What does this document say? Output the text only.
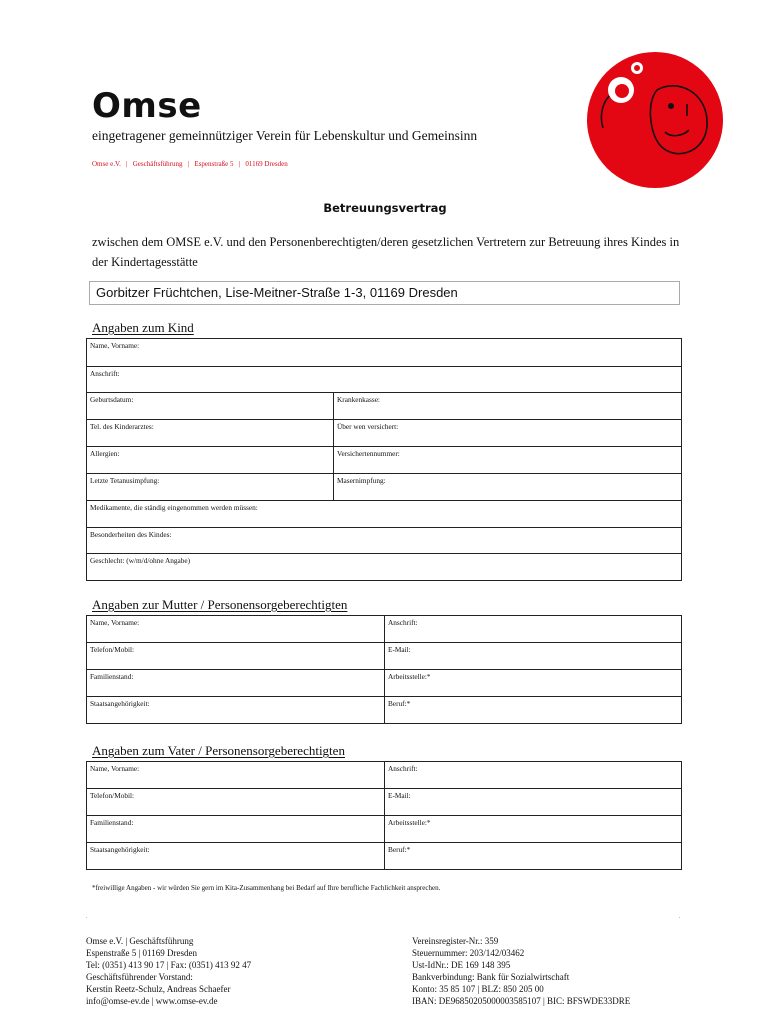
Omse
eingetragener gemeinnütziger Verein für Lebenskultur und Gemeinsinn
Omse e.V. | Geschäftsführung | Espenstraße 5 | 01169 Dresden
Betreuungsvertrag
zwischen dem OMSE e.V. und den Personenberechtigten/deren gesetzlichen Vertretern zur Betreuung ihres Kindes in der Kindertagesstätte
Gorbitzer Früchtchen, Lise-Meitner-Straße 1-3, 01169 Dresden
Angaben zum Kind
Name, Vorname:	

Anschrift:	

Geburtsdatum:	Krankenkasse:

Tel. des Kinderarztes:	Über wen versichert:

Allergien:	Versichertennummer:

Letzte Tetanusimpfung:	Masernimpfung:

Medikamente, die ständig eingenommen werden müssen:	

Besonderheiten des Kindes:	

Geschlecht: (w/m/d/ohne Angabe)	
Angaben zur Mutter / Personensorgeberechtigten
Name, Vorname:	Anschrift:

Telefon/Mobil:	E-Mail:

Familienstand:	Arbeitsstelle:*

Staatsangehörigkeit:	Beruf:*
Angaben zum Vater / Personensorgeberechtigten
Name, Vorname:	Anschrift:

Telefon/Mobil:	E-Mail:

Familienstand:	Arbeitsstelle:*

Staatsangehörigkeit:	Beruf:*
*freiwillige Angaben - wir würden Sie gern im Kita-Zusammenhang bei Bedarf auf Ihre berufliche Fachlichkeit ansprechen.
.	.
Omse e.V. | Geschäftsführung
Espenstraße 5 | 01169 Dresden
Tel: (0351) 413 90 17 | Fax: (0351) 413 92 47
Geschäftsführender Vorstand:
Kerstin Reetz-Schulz, Andreas Schaefer
info@omse-ev.de | www.omse-ev.de
Vereinsregister-Nr.: 359
Steuernummer: 203/142/03462
Ust-IdNr.: DE 169 148 395
Bankverbindung: Bank für Sozialwirtschaft
Konto: 35 85 107 | BLZ: 850 205 00
IBAN: DE96850205000003585107 | BIC: BFSWDE33DRE
